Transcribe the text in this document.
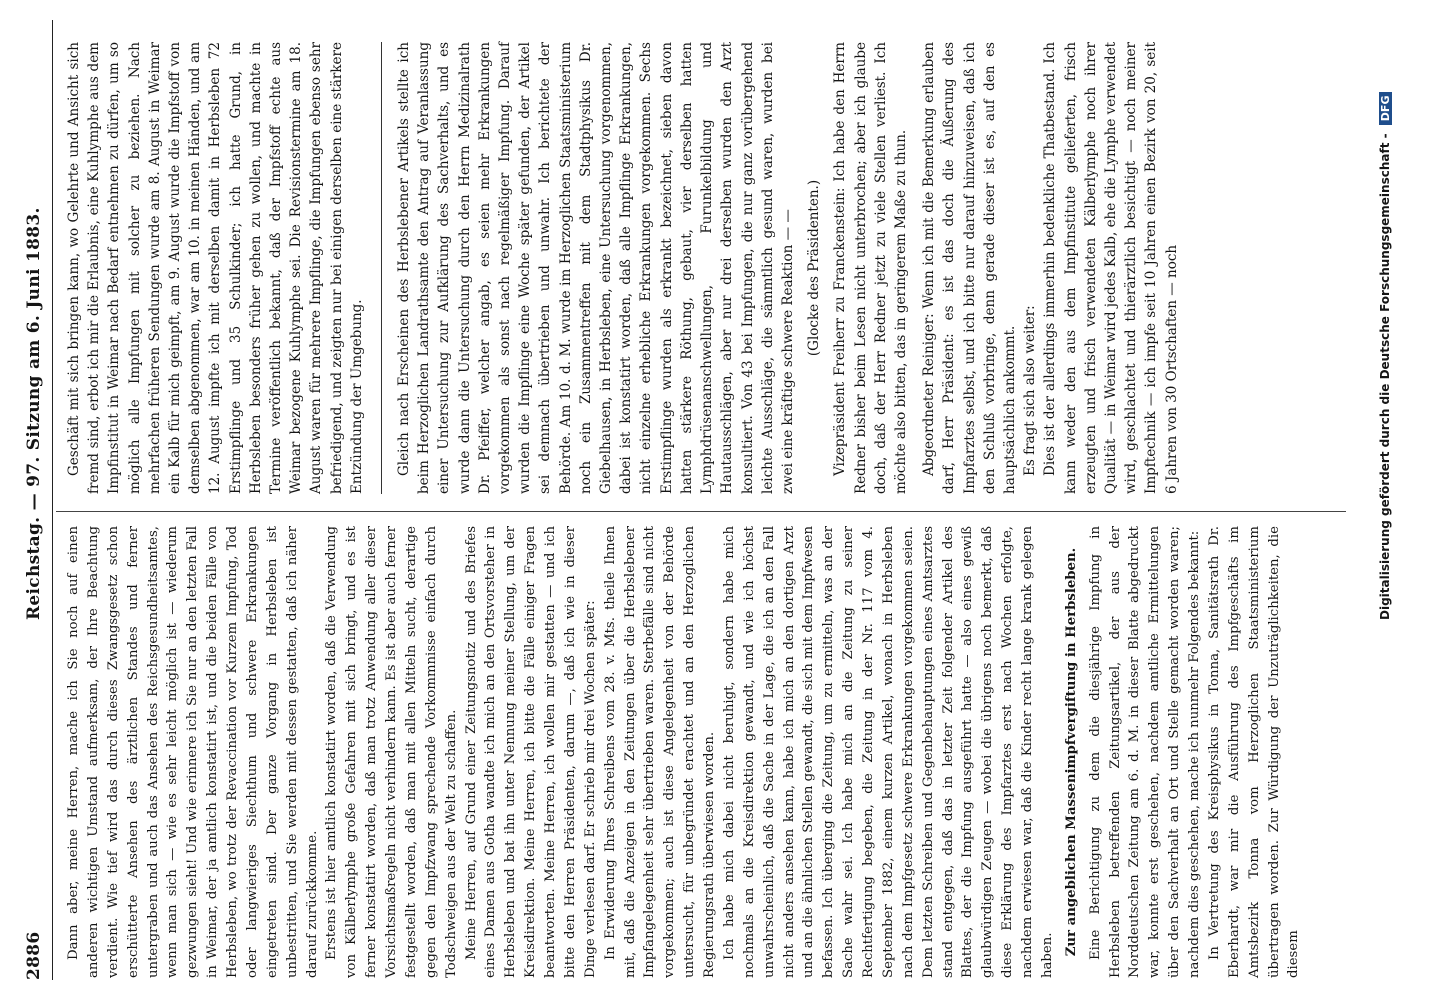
2886
Reichstag. — 97. Sitzung am 6. Juni 1883.

Dann aber, meine Herren, mache ich Sie noch auf einen anderen wichtigen Umstand aufmerksam, der Ihre Beachtung verdient. Wie tief wird das durch dieses Zwangsgesetz schon erschütterte Ansehen des ärztlichen Standes und ferner untergraben und auch das Ansehen des Reichsgesundheitsamtes, wenn man sich — wie es sehr leicht möglich ist — wiederum gezwungen sieht! Und wie erinnere ich Sie nur an den letzten Fall in Weimar, der ja amtlich konstatirt ist, und die beiden Fälle von Herbsleben, wo trotz der Revaccination vor Kurzem Impfung, Tod oder langwieriges Siechthum und schwere Erkrankungen eingetreten sind. Der ganze Vorgang in Herbsleben ist unbestritten, und Sie werden mit dessen gestatten, daß ich näher darauf zurückkomme. Erstens ist hier amtlich konstatirt worden, daß die Verwendung von Kälberlymphe große Gefahren mit sich bringt, und es ist ferner konstatirt worden, daß man trotz Anwendung aller dieser Vorsichtsmaßregeln nicht verhindern kann. Es ist aber auch ferner festgestellt worden, daß man mit allen Mitteln sucht, derartige gegen den Impfzwang sprechende Vorkommnisse einfach durch Todschweigen aus der Welt zu schaffen. Meine Herren, auf Grund einer Zeitungsnotiz und des Briefes eines Damen aus Gotha wandte ich mich an den Ortsvorsteher in Herbsleben und bat ihn unter Nennung meiner Stellung, um der Kreisdirektion. Meine Herren, ich bitte die Fälle einiger Fragen beantworten. Meine Herren, ich wollen mir gestatten — und ich bitte den Herren Präsidenten, darum —, daß ich wie in dieser Dinge verlesen darf. Er schrieb mir drei Wochen später: In Erwiderung Ihres Schreibens vom 28. v. Mts. theile Ihnen mit, daß die Anzeigen in den Zeitungen über die Herbslebener Impfangelegenheit sehr übertrieben waren. Sterbefälle sind nicht vorgekommen; auch ist diese Angelegenheit von der Behörde untersucht, für unbegründet erachtet und an den Herzoglichen Regierungsrath überwiesen worden. Ich habe mich dabei nicht beruhigt, sondern habe mich nochmals an die Kreisdirektion gewandt, und wie ich höchst unwahrscheinlich, daß die Sache in der Lage, die ich an den Fall nicht anders ansehen kann, habe ich mich an den dortigen Arzt und an die ähnlichen Stellen gewandt, die sich mit dem Impfwesen befassen. Ich überging die Zeitung, um zu ermitteln, was an der Sache wahr sei. Ich habe mich an die Zeitung zu seiner Rechtfertigung begeben, die Zeitung in der Nr. 117 vom 4. September 1882, einem kurzen Artikel, wonach in Herbsleben nach dem Impfgesetz schwere Erkrankungen vorgekommen seien. Dem letzten Schreiben und Gegenbehauptungen eines Amtsarztes stand entgegen, daß das in letzter Zeit folgender Artikel des Blattes, der die Impfung ausgeführt hatte — also eines gewiß glaubwürdigen Zeugen — wobei die übrigens noch bemerkt, daß diese Erklärung des Impfarztes erst nach Wochen erfolgte, nachdem erwiesen war, daß die Kinder recht lange krank gelegen haben. Zur angeblichen Massenimpfvergiftung in Herbsleben. Eine Berichtigung zu dem die diesjährige Impfung in Herbsleben betreffenden Zeitungsartikel, der aus der Norddeutschen Zeitung am 6. d. M. in dieser Blatte abgedruckt war, konnte erst geschehen, nachdem amtliche Ermittelungen über den Sachverhalt an Ort und Stelle gemacht worden waren; nachdem dies geschehen, mache ich nunmehr Folgendes bekannt: In Vertretung des Kreisphysikus in Tonna, Sanitätsrath Dr. Eberhardt, war mir die Ausführung des Impfgeschäfts im Amtsbezirk Tonna vom Herzoglichen Staatsministerium übertragen worden. Zur Würdigung der Unzuträglichkeiten, die diesem

Geschäft mit sich bringen kann, wo Gelehrte und Ansicht sich fremd sind, erbot ich mir die Erlaubnis, eine Kuhlymphe aus dem Impfinstitut in Weimar nach Bedarf entnehmen zu dürfen, um so möglich alle Impfungen mit solcher zu beziehen. Nach mehrfachen früheren Sendungen wurde am 8. August in Weimar ein Kalb für mich geimpft, am 9. August wurde die Impfstoff von demselben abgenommen, war am 10. in meinen Händen, und am 12. August impfte ich mit derselben damit in Herbsleben 72 Erstimpflinge und 35 Schulkinder; ich hatte Grund, in Herbsleben besonders früher gehen zu wollen, und machte in Termine veröffentlich bekannt, daß der Impfstoff echte aus Weimar bezogene Kuhlymphe sei. Die Revisionstermine am 18. August waren für mehrere Impflinge, die Impfungen ebenso sehr befriedigend, und zeigten nur bei einigen derselben eine stärkere Entzündung der Umgebung. Gleich nach Erscheinen des Herbslebener Artikels stellte ich beim Herzoglichen Landrathsamte den Antrag auf Veranlassung einer Untersuchung zur Aufklärung des Sachverhalts, und es wurde dann die Untersuchung durch den Herrn Medizinalrath Dr. Pfeiffer, welcher angab, es seien mehr Erkrankungen vorgekommen als sonst nach regelmäßiger Impfung. Darauf wurden die Impflinge eine Woche später gefunden, der Artikel sei demnach übertrieben und unwahr. Ich berichtete der Behörde. Am 10. d. M. wurde im Herzoglichen Staatsministerium noch ein Zusammentreffen mit dem Stadtphysikus Dr. Giebelhausen, in Herbsleben, eine Untersuchung vorgenommen, dabei ist konstatirt worden, daß alle Impflinge Erkrankungen, nicht einzelne erhebliche Erkrankungen vorgekommen. Sechs Erstimpflinge wurden als erkrankt bezeichnet, sieben davon hatten stärkere Röthung, gebaut, vier derselben hatten Lymphdrüsenanschwellungen, Furunkelbildung und Hautausschlägen, aber nur drei derselben wurden den Arzt konsultiert. Von 43 bei Impfungen, die nur ganz vorübergehend leichte Ausschläge, die sämmtlich gesund waren, wurden bei zwei eine kräftige schwere Reaktion — — (Glocke des Präsidenten.) Vizepräsident Freiherr zu Franckenstein: Ich habe den Herrn Redner bisher beim Lesen nicht unterbrochen; aber ich glaube doch, daß der Herr Redner jetzt zu viele Stellen verliest. Ich möchte also bitten, das in geringerem Maße zu thun. Abgeordneter Reiniger: Wenn ich mit die Bemerkung erlauben darf, Herr Präsident: es ist das doch die Äußerung des Impfarztes selbst, und ich bitte nur darauf hinzuweisen, daß ich den Schluß vorbringe, denn gerade dieser ist es, auf den es hauptsächlich ankommt. Es fragt sich also weiter: Dies ist der allerdings immerhin bedenkliche Thatbestand. Ich kann weder den aus dem Impfinstitute gelieferten, frisch erzeugten und frisch verwendeten Kälberlymphe noch ihrer Qualität — in Weimar wird jedes Kalb, ehe die Lymphe verwendet wird, geschlachtet und thierärztlich besichtigt — noch meiner Impftechnik — ich impfe seit 10 Jahren einen Bezirk von 20, seit 6 Jahren von 30 Ortschaften — noch	Digitalisierung gefördert durch die Deutsche Forschungsgemeinschaft - DFG
